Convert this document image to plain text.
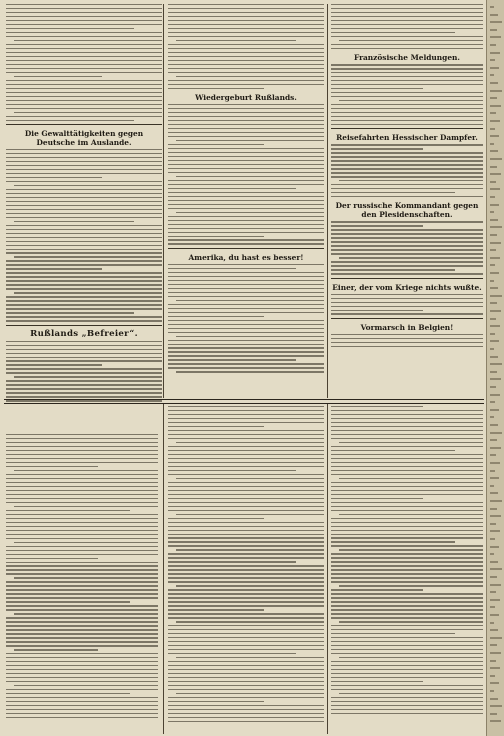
Die Gewalttätigkeiten gegen Deutsche im Auslande.
Rußlands „Befreier“.
Wiedergeburt Rußlands.
Amerika, du hast es besser!
Französische Meldungen.
Reisefahrten Hessischer Dampfer.
Der russische Kommandant gegen den Plesidenschaften.
Einer, der vom Kriege nichts wußte.
Vormarsch in Belgien!
